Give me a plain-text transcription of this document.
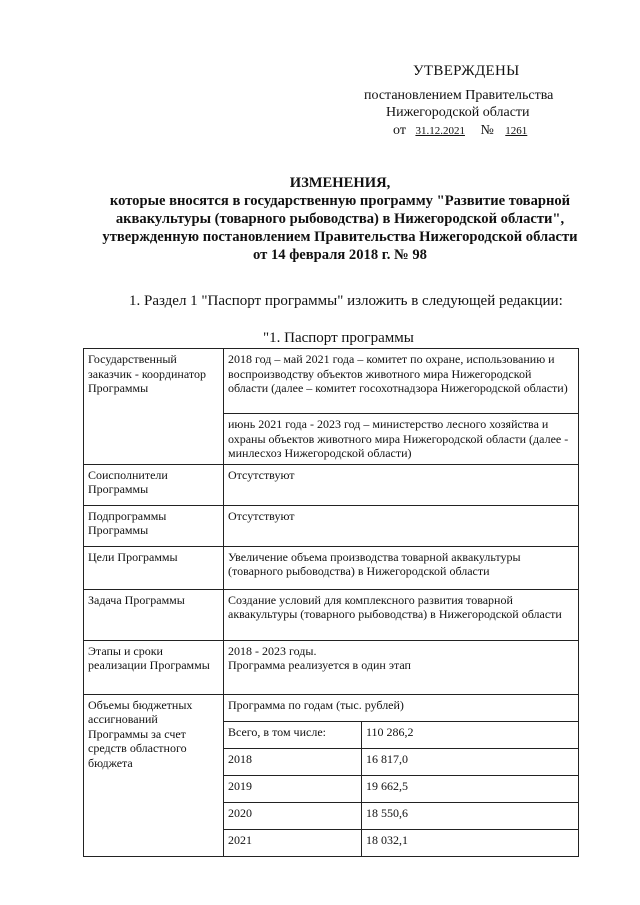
УТВЕРЖДЕНЫ
постановлением Правительства
Нижегородской области
от 31.12.2021 № 1261
ИЗМЕНЕНИЯ,
которые вносятся в государственную программу "Развитие товарной
аквакультуры (товарного рыбоводства) в Нижегородской области",
утвержденную постановлением Правительства Нижегородской области
от 14 февраля 2018 г. № 98
1. Раздел 1 "Паспорт программы" изложить в следующей редакции:
"1. Паспорт программы
Государственный заказчик - координатор Программы	2018 год – май 2021 года – комитет по охране, использованию и воспроизводству объектов животного мира Нижегородской области (далее – комитет госохотнадзора Нижегородской области)	
	июнь 2021 года - 2023 год – министерство лесного хозяйства и охраны объектов животного мира Нижегородской области (далее - минлесхоз Нижегородской области)	
Соисполнители Программы	Отсутствуют	
Подпрограммы Программы	Отсутствуют	
Цели Программы	Увеличение объема производства товарной аквакультуры (товарного рыбоводства) в Нижегородской области	
Задача Программы	Создание условий для комплексного развития товарной аквакультуры (товарного рыбоводства) в Нижегородской области	
Этапы и сроки реализации Программы	2018 - 2023 годы.
Программа реализуется в один этап	

Объемы бюджетных ассигнований Программы за счет средств областного бюджета	Программа по годам (тыс. рублей)	
	Всего, в том числе:	110 286,2
	2018	16 817,0
	2019	19 662,5
	2020	18 550,6
	2021	18 032,1
